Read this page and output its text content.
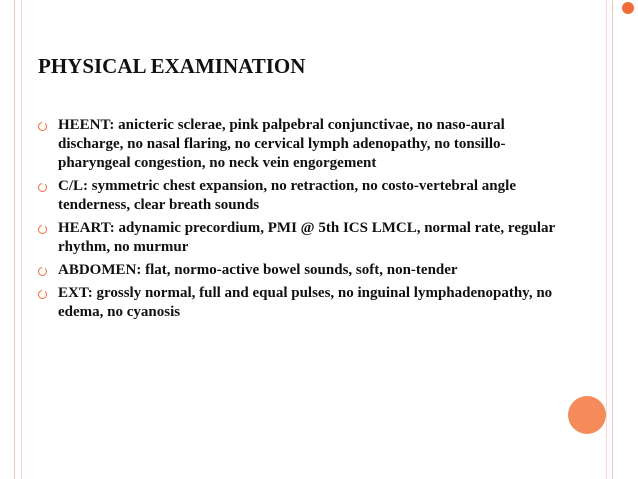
PHYSICAL EXAMINATION
HEENT: anicteric sclerae, pink palpebral conjunctivae, no naso-aural discharge, no nasal flaring, no cervical lymph adenopathy, no tonsillo-pharyngeal congestion, no neck vein engorgement
C/L: symmetric chest expansion, no retraction, no costo-vertebral angle tenderness, clear breath sounds
HEART: adynamic precordium, PMI @ 5th ICS LMCL, normal rate, regular rhythm, no murmur
ABDOMEN: flat, normo-active bowel sounds, soft, non-tender
EXT: grossly normal, full and equal pulses, no inguinal lymphadenopathy, no edema, no cyanosis
